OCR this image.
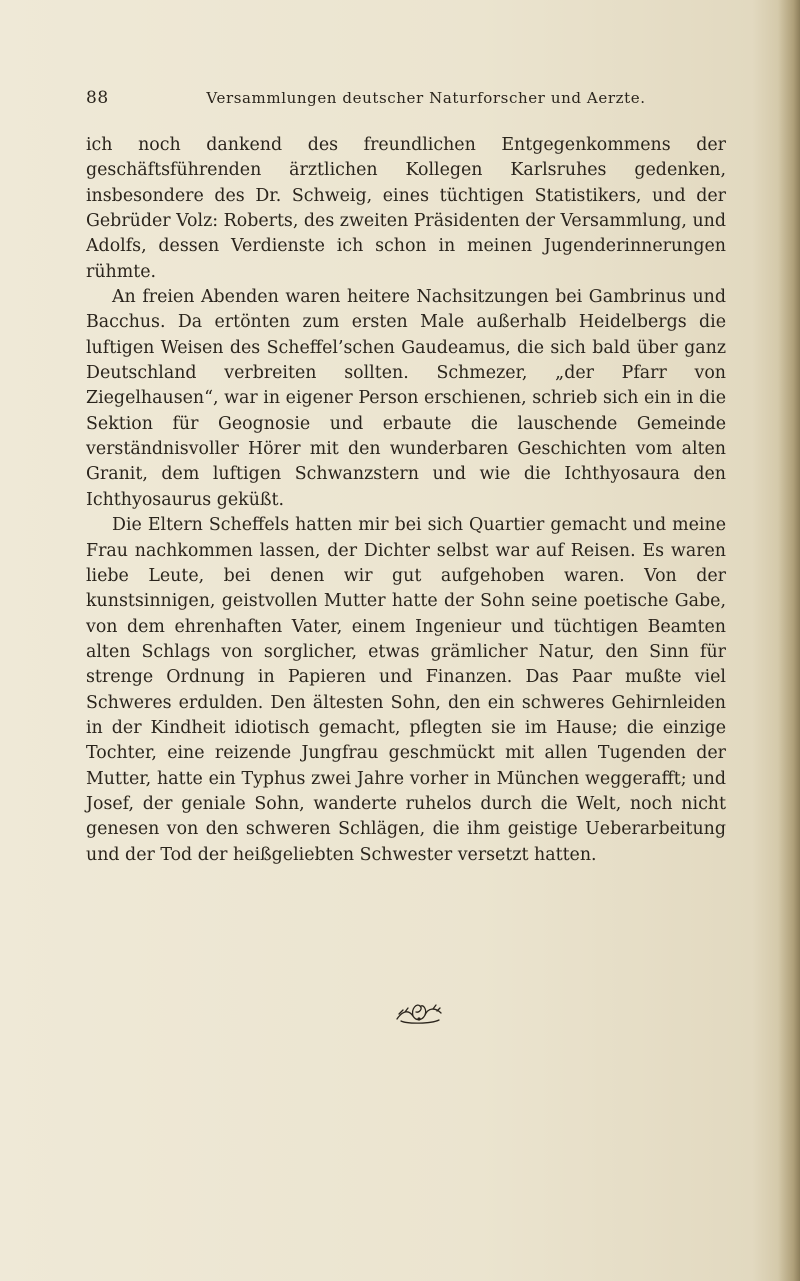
88	Versammlungen deutscher Naturforscher und Aerzte.

ich noch dankend des freundlichen Entgegenkommens der geschäftsführenden ärztlichen Kollegen Karlsruhes gedenken, insbesondere des Dr. Schweig, eines tüchtigen Statistikers, und der Gebrüder Volz: Roberts, des zweiten Präsidenten der Versammlung, und Adolfs, dessen Verdienste ich schon in meinen Jugenderinnerungen rühmte.

An freien Abenden waren heitere Nachsitzungen bei Gambrinus und Bacchus. Da ertönten zum ersten Male außerhalb Heidelbergs die luftigen Weisen des Scheffel’schen Gaudeamus, die sich bald über ganz Deutschland verbreiten sollten. Schmezer, „der Pfarr von Ziegelhausen“, war in eigener Person erschienen, schrieb sich ein in die Sektion für Geognosie und erbaute die lauschende Gemeinde verständnisvoller Hörer mit den wunderbaren Geschichten vom alten Granit, dem luftigen Schwanzstern und wie die Ichthyosaura den Ichthyosaurus geküßt.

Die Eltern Scheffels hatten mir bei sich Quartier gemacht und meine Frau nachkommen lassen, der Dichter selbst war auf Reisen. Es waren liebe Leute, bei denen wir gut aufgehoben waren. Von der kunstsinnigen, geistvollen Mutter hatte der Sohn seine poetische Gabe, von dem ehrenhaften Vater, einem Ingenieur und tüchtigen Beamten alten Schlags von sorglicher, etwas grämlicher Natur, den Sinn für strenge Ordnung in Papieren und Finanzen. Das Paar mußte viel Schweres erdulden. Den ältesten Sohn, den ein schweres Gehirnleiden in der Kindheit idiotisch gemacht, pflegten sie im Hause; die einzige Tochter, eine reizende Jungfrau geschmückt mit allen Tugenden der Mutter, hatte ein Typhus zwei Jahre vorher in München weggerafft; und Josef, der geniale Sohn, wanderte ruhelos durch die Welt, noch nicht genesen von den schweren Schlägen, die ihm geistige Ueberarbeitung und der Tod der heißgeliebten Schwester versetzt hatten.
